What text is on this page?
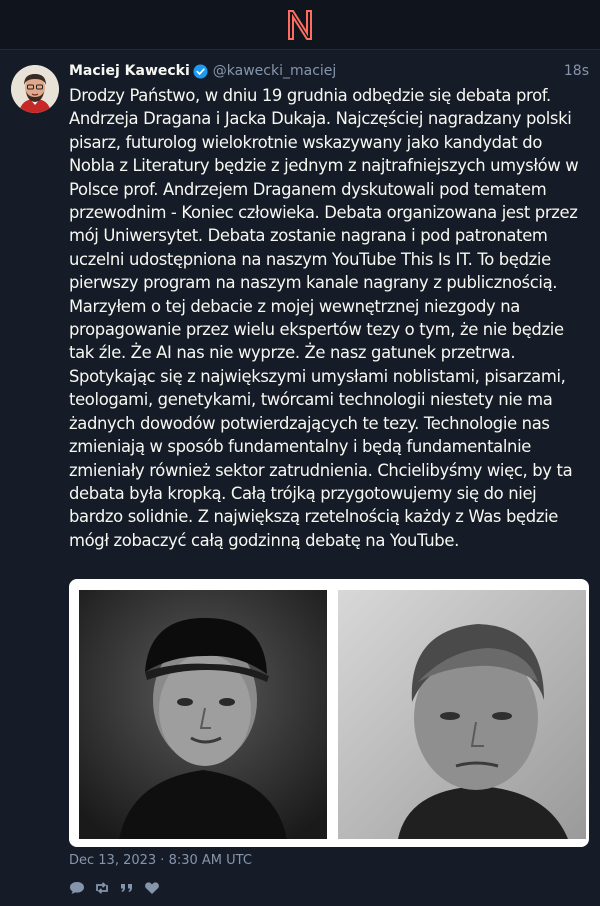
Maciej Kawecki @kawecki_maciej	18s
Drodzy Państwo, w dniu 19 grudnia odbędzie się debata prof. Andrzeja Dragana i Jacka Dukaja. Najczęściej nagradzany polski pisarz, futurolog wielokrotnie wskazywany jako kandydat do Nobla z Literatury będzie z jednym z najtrafniejszych umysłów w Polsce prof. Andrzejem Draganem dyskutowali pod tematem przewodnim - Koniec człowieka. Debata organizowana jest przez mój Uniwersytet. Debata zostanie nagrana i pod patronatem uczelni udostępniona na naszym YouTube This Is IT. To będzie pierwszy program na naszym kanale nagrany z publicznością. Marzyłem o tej debacie z mojej wewnętrznej niezgody na propagowanie przez wielu ekspertów tezy o tym, że nie będzie tak źle. Że AI nas nie wyprze. Że nasz gatunek przetrwa. Spotykając się z największymi umysłami noblistami, pisarzami, teologami, genetykami, twórcami technologii niestety nie ma żadnych dowodów potwierdzających te tezy. Technologie nas zmieniają w sposób fundamentalny i będą fundamentalnie zmieniały również sektor zatrudnienia. Chcielibyśmy więc, by ta debata była kropką. Całą trójką przygotowujemy się do niej bardzo solidnie. Z największą rzetelnością każdy z Was będzie mógł zobaczyć całą godzinną debatę na YouTube.
Dec 13, 2023 · 8:30 AM UTC
